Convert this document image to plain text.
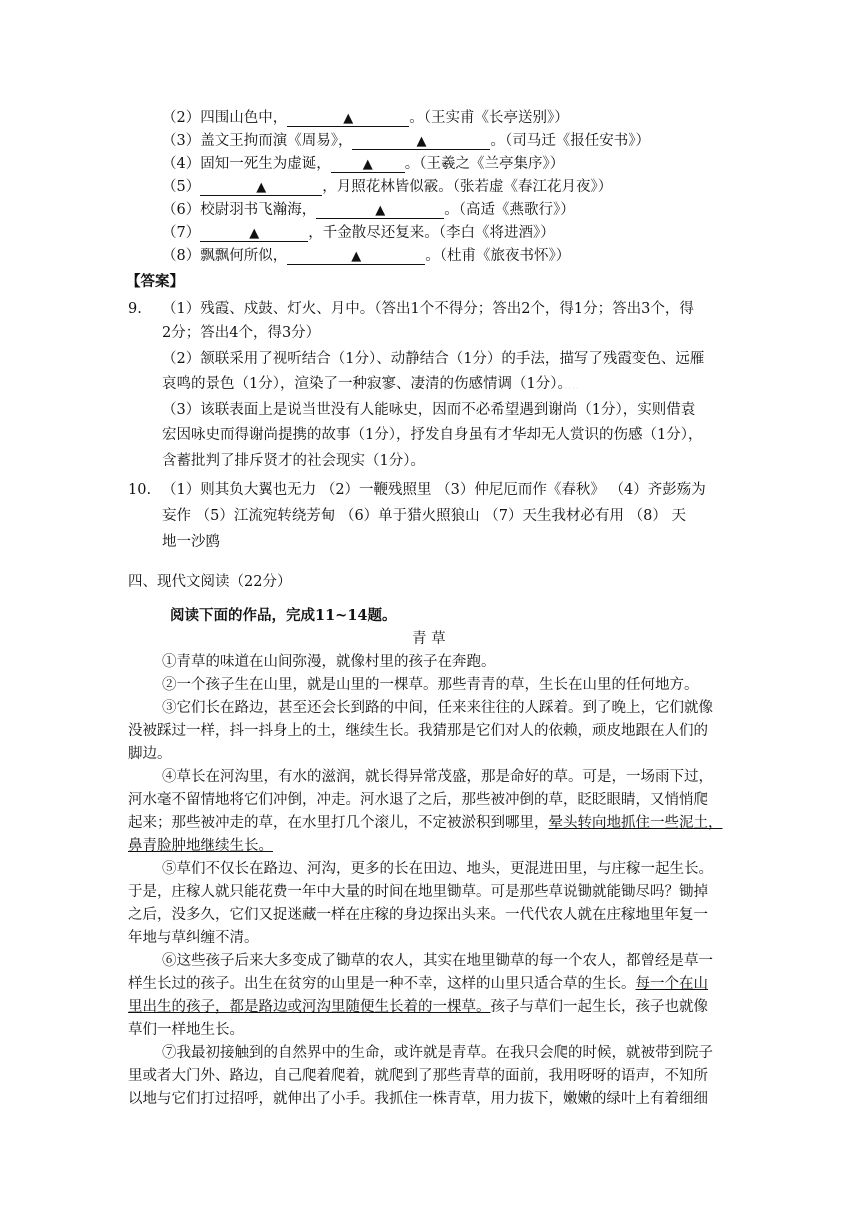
（2）四围山色中，	▲	。（王实甫《长亭送别》）
（3）盖文王拘而演《周易》，	▲	。（司马迁《报任安书》）
（4）固知一死生为虚诞， ▲ 。（王羲之《兰亭集序》）
（5）	▲	，月照花林皆似霰。（张若虚《春江花月夜》）
（6）校尉羽书飞瀚海，	▲	。（高适《燕歌行》）
（7）	▲	，千金散尽还复来。（李白《将进酒》）
（8）飘飘何所似，	▲	。（杜甫《旅夜书怀》）
【答案】
9. （1）残霞、戍鼓、灯火、月中。（答出1个不得分；答出2个，得1分；答出3个，得
2分；答出4个，得3分）
（2）颔联采用了视听结合（1分）、动静结合（1分）的手法，描写了残霞变色、远雁
哀鸣的景色（1分），渲染了一种寂寥、凄清的伤感情调（1分）。。。。。
（3）该联表面上是说当世没有人能咏史，因而不必希望遇到谢尚（1分），实则借袁
宏因咏史而得谢尚提携的故事（1分），抒发自身虽有才华却无人赏识的伤感（1分），
含蓄批判了排斥贤才的社会现实（1分）。
10. （1）则其负大翼也无力 （2）一鞭残照里 （3）仲尼厄而作《春秋》 （4）齐彭殇为
妄作 （5）江流宛转绕芳甸 （6）单于猎火照狼山 （7）天生我材必有用 （8） 天
地一沙鸥
四、现代文阅读（22分）
阅读下面的作品，完成11~14题。
青 草
①青草的味道在山间弥漫，就像村里的孩子在奔跑。
②一个孩子生在山里，就是山里的一棵草。那些青青的草，生长在山里的任何地方。
③它们长在路边，甚至还会长到路的中间，任来来往往的人踩着。到了晚上，它们就像
没被踩过一样，抖一抖身上的土，继续生长。我猜那是它们对人的依赖，顽皮地跟在人们的
脚边。
④草长在河沟里，有水的滋润，就长得异常茂盛，那是命好的草。可是，一场雨下过，
河水毫不留情地将它们冲倒，冲走。河水退了之后，那些被冲倒的草，眨眨眼睛，又悄悄爬
起来；那些被冲走的草，在水里打几个滚儿，不定被淤积到哪里，晕头转向地抓住一些泥土，
鼻青脸肿地继续生长。
⑤草们不仅长在路边、河沟，更多的长在田边、地头，更混进田里，与庄稼一起生长。
于是，庄稼人就只能花费一年中大量的时间在地里锄草。可是那些草说锄就能锄尽吗？锄掉
之后，没多久，它们又捉迷藏一样在庄稼的身边探出头来。一代代农人就在庄稼地里年复一
年地与草纠缠不清。
⑥这些孩子后来大多变成了锄草的农人，其实在地里锄草的每一个农人，都曾经是草一
样生长过的孩子。出生在贫穷的山里是一种不幸，这样的山里只适合草的生长。每一个在山
里出生的孩子，都是路边或河沟里随便生长着的一棵草。孩子与草们一起生长，孩子也就像
草们一样地生长。
⑦我最初接触到的自然界中的生命，或许就是青草。在我只会爬的时候，就被带到院子
里或者大门外、路边，自己爬着爬着，就爬到了那些青草的面前，我用呀呀的语声，不知所
以地与它们打过招呼，就伸出了小手。我抓住一株青草，用力拔下，嫩嫩的绿叶上有着细细
